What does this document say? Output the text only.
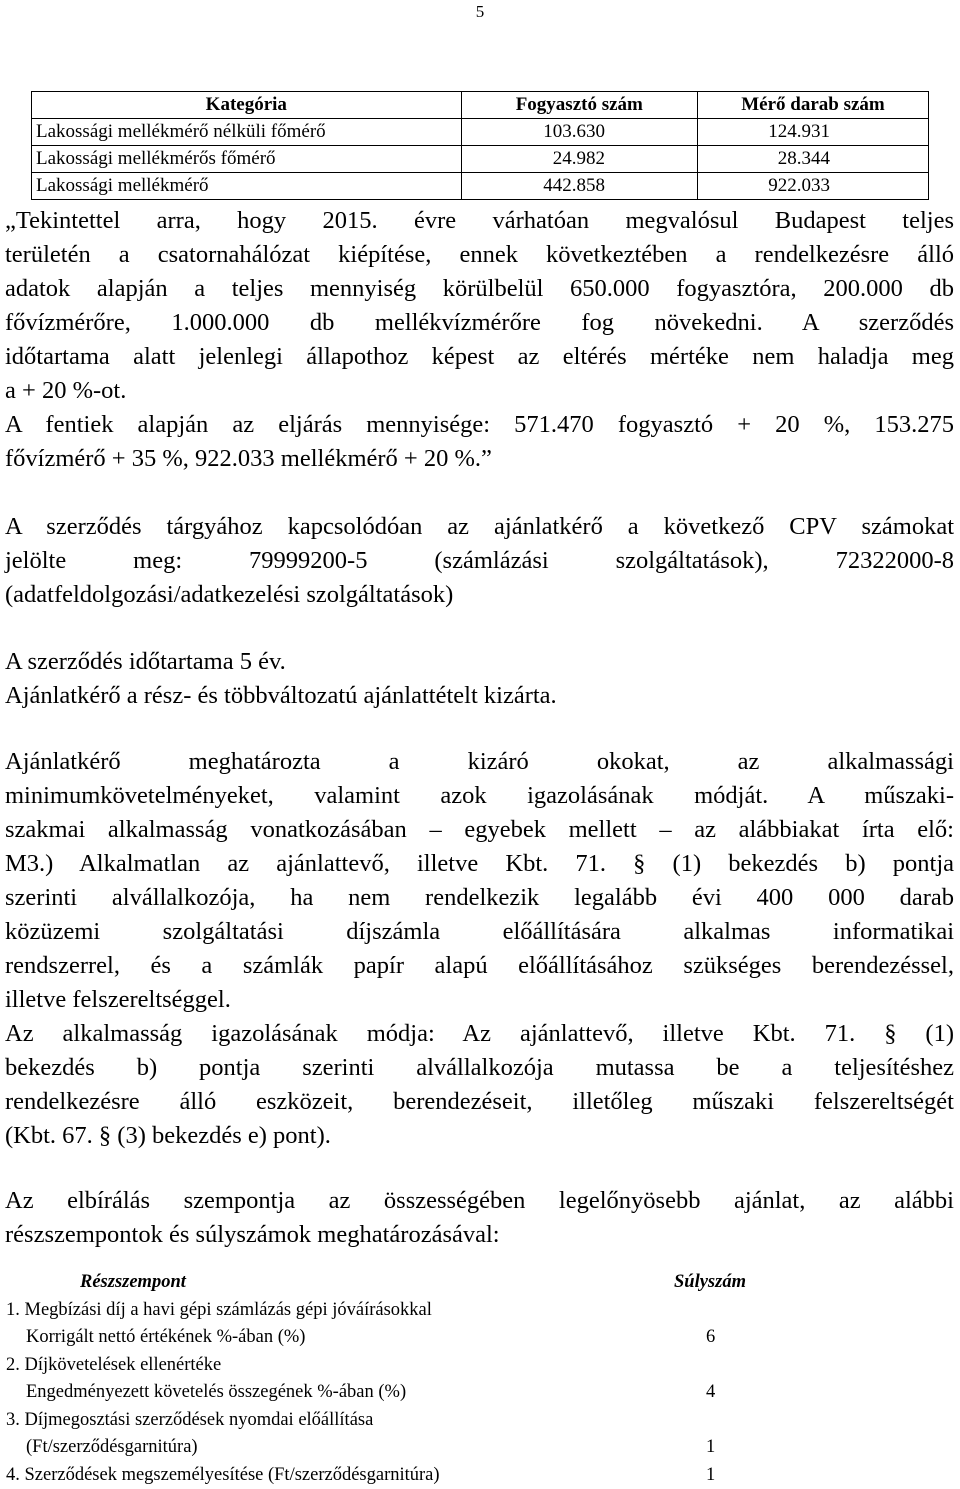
5
Kategória	Fogyasztó szám	Mérő darab szám
Lakossági mellékmérő nélküli főmérő	103.630	124.931
Lakossági mellékmérős főmérő	24.982	28.344
Lakossági mellékmérő	442.858	922.033

„Tekintettel arra, hogy 2015. évre várhatóan megvalósul Budapest teljes

területén a csatornahálózat kiépítése, ennek következtében a rendelkezésre álló

adatok alapján a teljes mennyiség körülbelül 650.000 fogyasztóra, 200.000 db

fővízmérőre, 1.000.000 db mellékvízmérőre fog növekedni. A szerződés

időtartama alatt jelenlegi állapothoz képest az eltérés mértéke nem haladja meg

a + 20 %-ot.

A fentiek alapján az eljárás mennyisége: 571.470 fogyasztó + 20 %, 153.275

fővízmérő + 35 %, 922.033 mellékmérő + 20 %.”

A szerződés tárgyához kapcsolódóan az ajánlatkérő a következő CPV számokat

jelölte meg: 79999200-5 (számlázási szolgáltatások), 72322000-8

(adatfeldolgozási/adatkezelési szolgáltatások)

A szerződés időtartama 5 év.

Ajánlatkérő a rész- és többváltozatú ajánlattételt kizárta.

Ajánlatkérő meghatározta a kizáró okokat, az alkalmassági

minimumkövetelményeket, valamint azok igazolásának módját. A műszaki-

szakmai alkalmasság vonatkozásában – egyebek mellett – az alábbiakat írta elő:

M3.) Alkalmatlan az ajánlattevő, illetve Kbt. 71. § (1) bekezdés b) pontja

szerinti alvállalkozója, ha nem rendelkezik legalább évi 400 000 darab

közüzemi szolgáltatási díjszámla előállítására alkalmas informatikai

rendszerrel, és a számlák papír alapú előállításához szükséges berendezéssel,

illetve felszereltséggel.

Az alkalmasság igazolásának módja: Az ajánlattevő, illetve Kbt. 71. § (1)

bekezdés b) pontja szerinti alvállalkozója mutassa be a teljesítéshez

rendelkezésre álló eszközeit, berendezéseit, illetőleg műszaki felszereltségét

(Kbt. 67. § (3) bekezdés e) pont).

Az elbírálás szempontja az összességében legelőnyösebb ajánlat, az alábbi

részszempontok és súlyszámok meghatározásával:

Részszempont	Súlyszám
1. Megbízási díj a havi gépi számlázás gépi jóváírásokkal
Korrigált nettó értékének %-ában (%)	6
2. Díjkövetelések ellenértéke
Engedményezett követelés összegének %-ában (%)	4
3. Díjmegosztási szerződések nyomdai előállítása
(Ft/szerződésgarnitúra)	1
4. Szerződések megszemélyesítése (Ft/szerződésgarnitúra)	1
